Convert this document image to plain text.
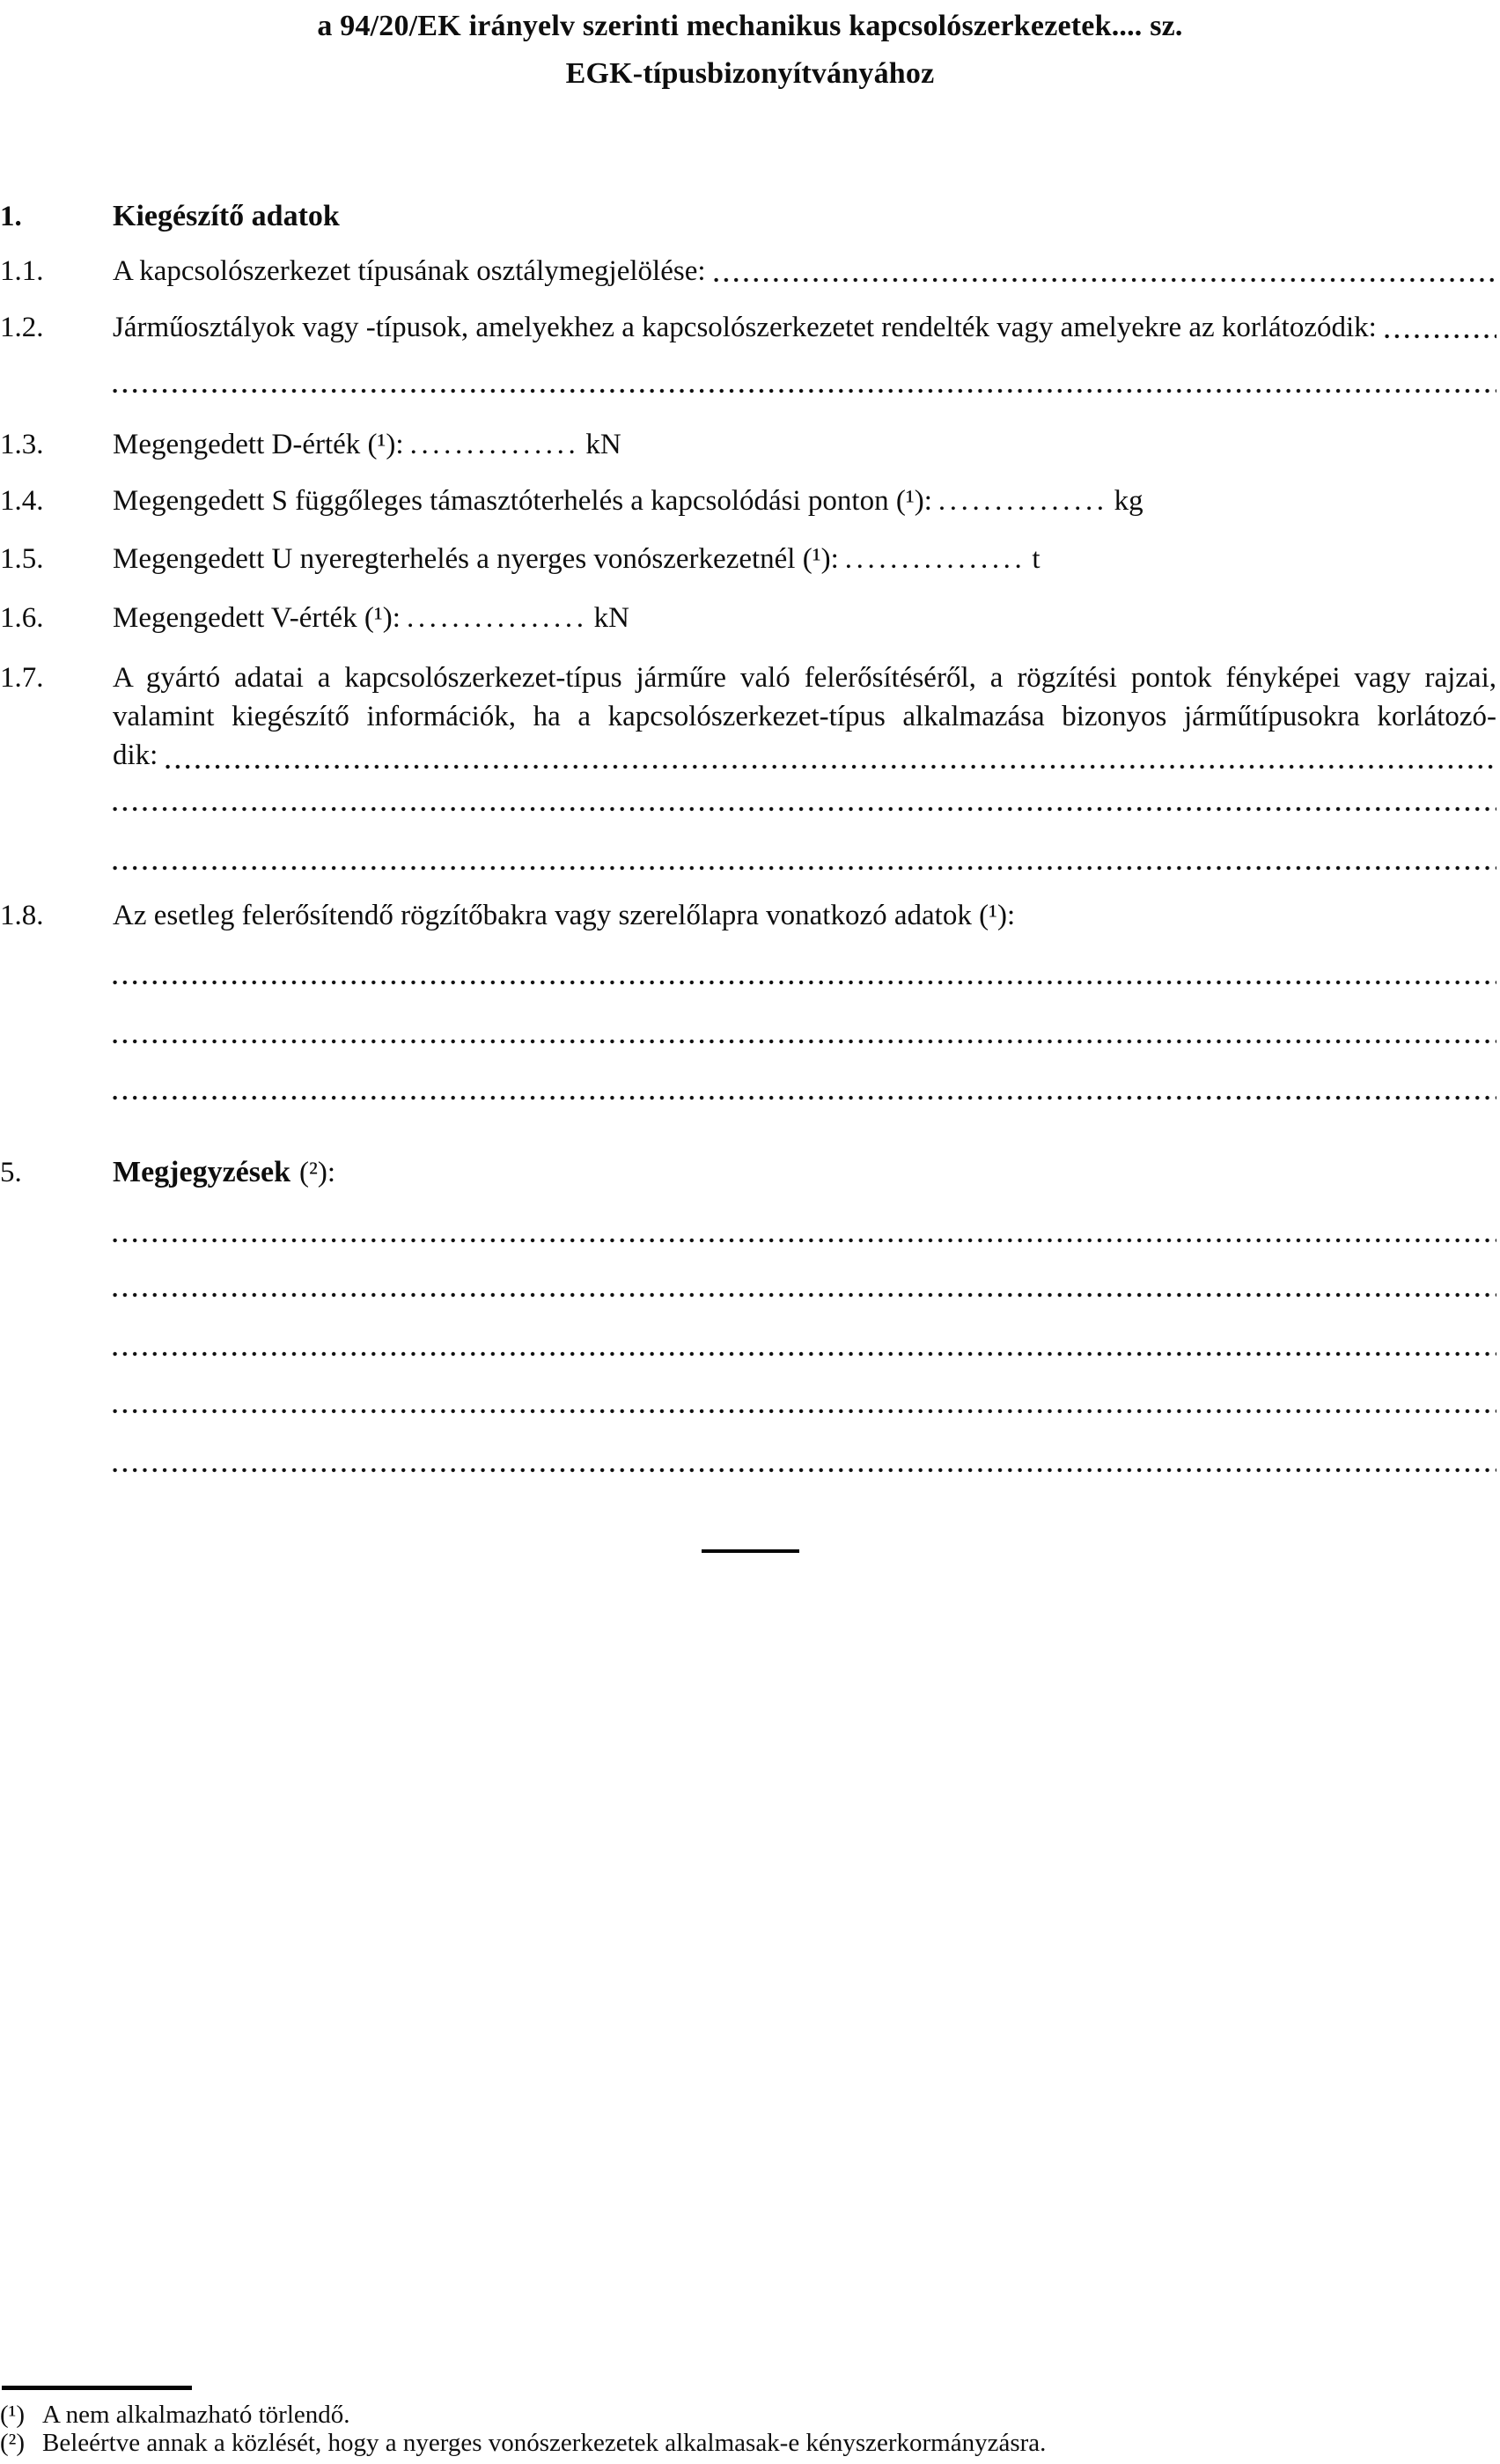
a 94/20/EK irányelv szerinti mechanikus kapcsolószerkezetek.... sz.
EGK-típusbizonyítványához
1.	Kiegészítő adatok
1.1.	A kapcsolószerkezet típusának osztálymegjelölése:
1.2.	Járműosztályok vagy -típusok, amelyekhez a kapcsolószerkezetet rendelték vagy amelyekre az korlátozódik:
1.3.	Megengedett D-érték (¹): ............... kN
1.4.	Megengedett S függőleges támasztóterhelés a kapcsolódási ponton (¹): ............... kg
1.5.	Megengedett U nyeregterhelés a nyerges vonószerkezetnél (¹): ................ t
1.6.	Megengedett V-érték (¹): ................ kN
1.7.	A gyártó adatai a kapcsolószerkezet-típus járműre való felerősítéséről, a rögzítési pontok fényképei vagy rajzai,
valamint kiegészítő információk, ha a kapcsolószerkezet-típus alkalmazása bizonyos járműtípusokra korlátozó-
dik:
1.8.	Az esetleg felerősítendő rögzítőbakra vagy szerelőlapra vonatkozó adatok (¹):
5.	Megjegyzések (²):
(¹) A nem alkalmazható törlendő.
(²) Beleértve annak a közlését, hogy a nyerges vonószerkezetek alkalmasak-e kényszerkormányzásra.
